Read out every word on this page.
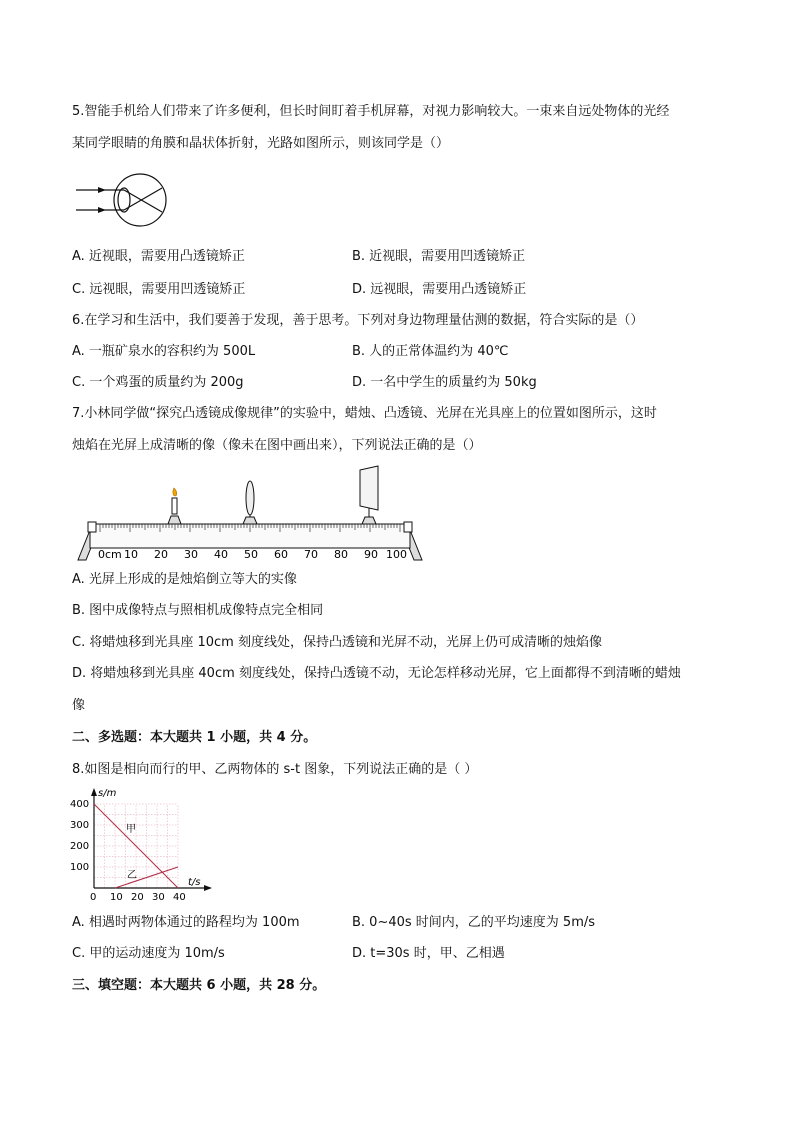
5.智能手机给人们带来了许多便利，但长时间盯着手机屏幕，对视力影响较大。一束来自远处物体的光经
某同学眼睛的角膜和晶状体折射，光路如图所示，则该同学是（）
A. 近视眼，需要用凸透镜矫正	B. 近视眼，需要用凹透镜矫正
C. 远视眼，需要用凹透镜矫正	D. 远视眼，需要用凸透镜矫正
6.在学习和生活中，我们要善于发现，善于思考。下列对身边物理量估测的数据，符合实际的是（）
A. 一瓶矿泉水的容积约为 500L	B. 人的正常体温约为 40℃
C. 一个鸡蛋的质量约为 200g	D. 一名中学生的质量约为 50kg
7.小林同学做“探究凸透镜成像规律”的实验中，蜡烛、凸透镜、光屏在光具座上的位置如图所示，这时
烛焰在光屏上成清晰的像（像未在图中画出来），下列说法正确的是（）
0cm 10 20 30 40 50 60 70 80 90 100
A. 光屏上形成的是烛焰倒立等大的实像
B. 图中成像特点与照相机成像特点完全相同
C. 将蜡烛移到光具座 10cm 刻度线处，保持凸透镜和光屏不动，光屏上仍可成清晰的烛焰像
D. 将蜡烛移到光具座 40cm 刻度线处，保持凸透镜不动，无论怎样移动光屏，它上面都得不到清晰的蜡烛
像
二、多选题：本大题共 1 小题，共 4 分。
8.如图是相向而行的甲、乙两物体的 s-t 图象，下列说法正确的是（ ）
s/m
t/s
400
300
200
100
0 10 20 30 40
甲
乙
A. 相遇时两物体通过的路程均为 100m	B. 0~40s 时间内，乙的平均速度为 5m/s
C. 甲的运动速度为 10m/s	D. t=30s 时，甲、乙相遇
三、填空题：本大题共 6 小题，共 28 分。
